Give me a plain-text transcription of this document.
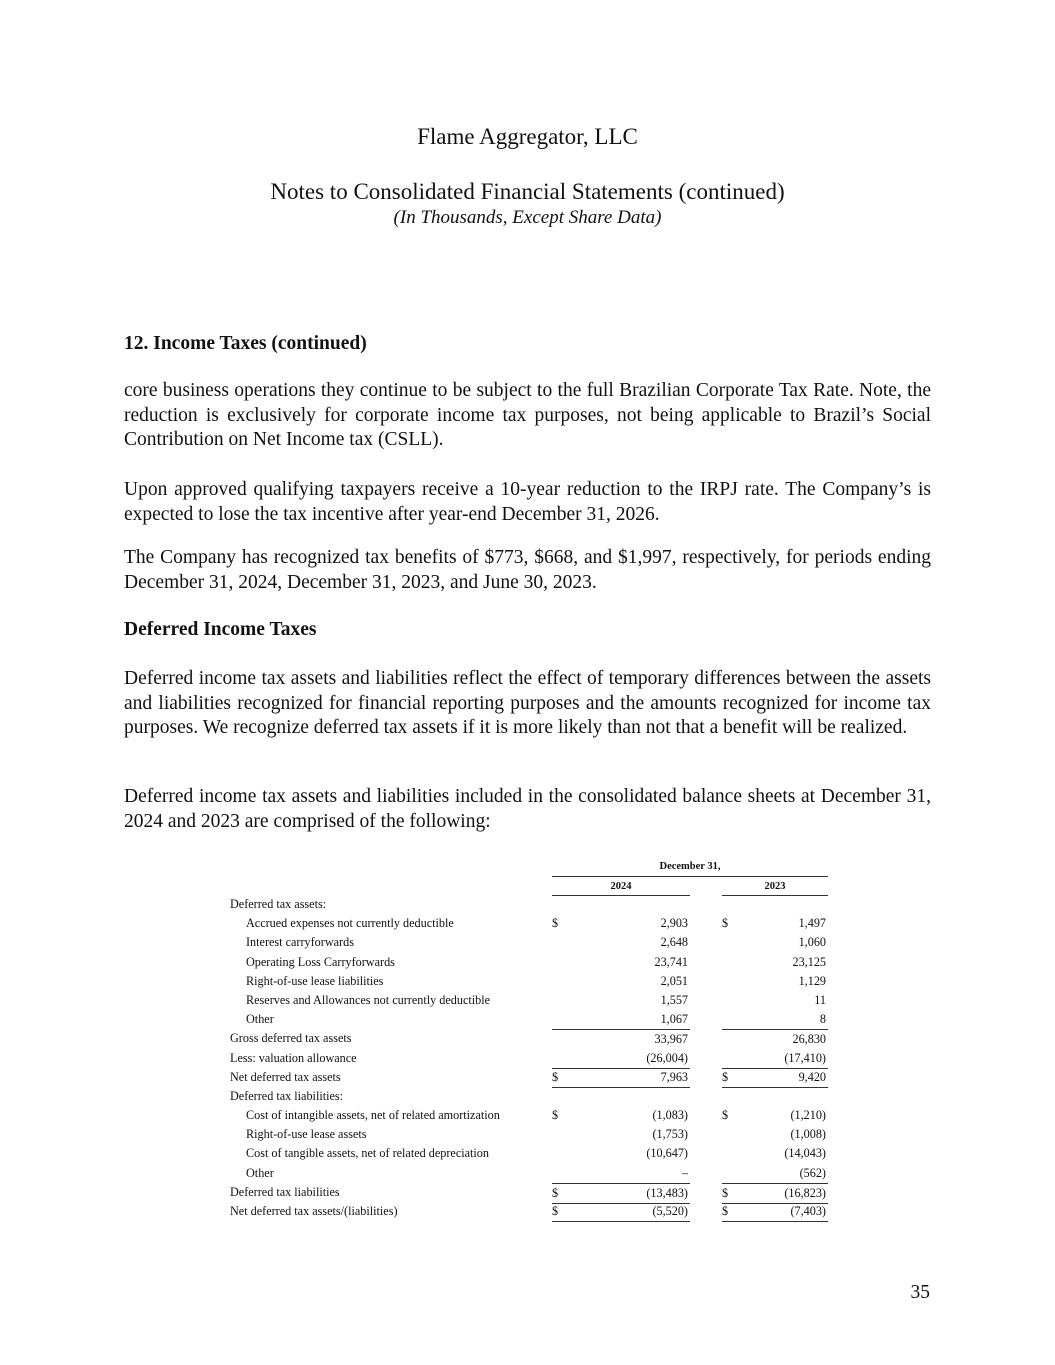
Flame Aggregator, LLC
Notes to Consolidated Financial Statements (continued)
(In Thousands, Except Share Data)
12. Income Taxes (continued)
core business operations they continue to be subject to the full Brazilian Corporate Tax Rate. Note, the reduction is exclusively for corporate income tax purposes, not being applicable to Brazil’s Social Contribution on Net Income tax (CSLL).
Upon approved qualifying taxpayers receive a 10-year reduction to the IRPJ rate. The Company’s is expected to lose the tax incentive after year-end December 31, 2026.
The Company has recognized tax benefits of $773, $668, and $1,997, respectively, for periods ending December 31, 2024, December 31, 2023, and June 30, 2023.
Deferred Income Taxes
Deferred income tax assets and liabilities reflect the effect of temporary differences between the assets and liabilities recognized for financial reporting purposes and the amounts recognized for income tax purposes. We recognize deferred tax assets if it is more likely than not that a benefit will be realized.
Deferred income tax assets and liabilities included in the consolidated balance sheets at December 31, 2024 and 2023 are comprised of the following:
December 31,
2024	2023
Deferred tax assets:
Accrued expenses not currently deductible	$	2,903	$	1,497
Interest carryforwards	2,648	1,060
Operating Loss Carryforwards	23,741	23,125
Right-of-use lease liabilities	2,051	1,129
Reserves and Allowances not currently deductible	1,557	11
Other	1,067	8
Gross deferred tax assets	33,967	26,830
Less: valuation allowance	(26,004)	(17,410)
Net deferred tax assets	$	7,963	$	9,420
Deferred tax liabilities:
Cost of intangible assets, net of related amortization	$	(1,083)	$	(1,210)
Right-of-use lease assets	(1,753)	(1,008)
Cost of tangible assets, net of related depreciation	(10,647)	(14,043)
Other	–	(562)
Deferred tax liabilities	$	(13,483)	$	(16,823)
Net deferred tax assets/(liabilities)	$	(5,520)	$	(7,403)
35
